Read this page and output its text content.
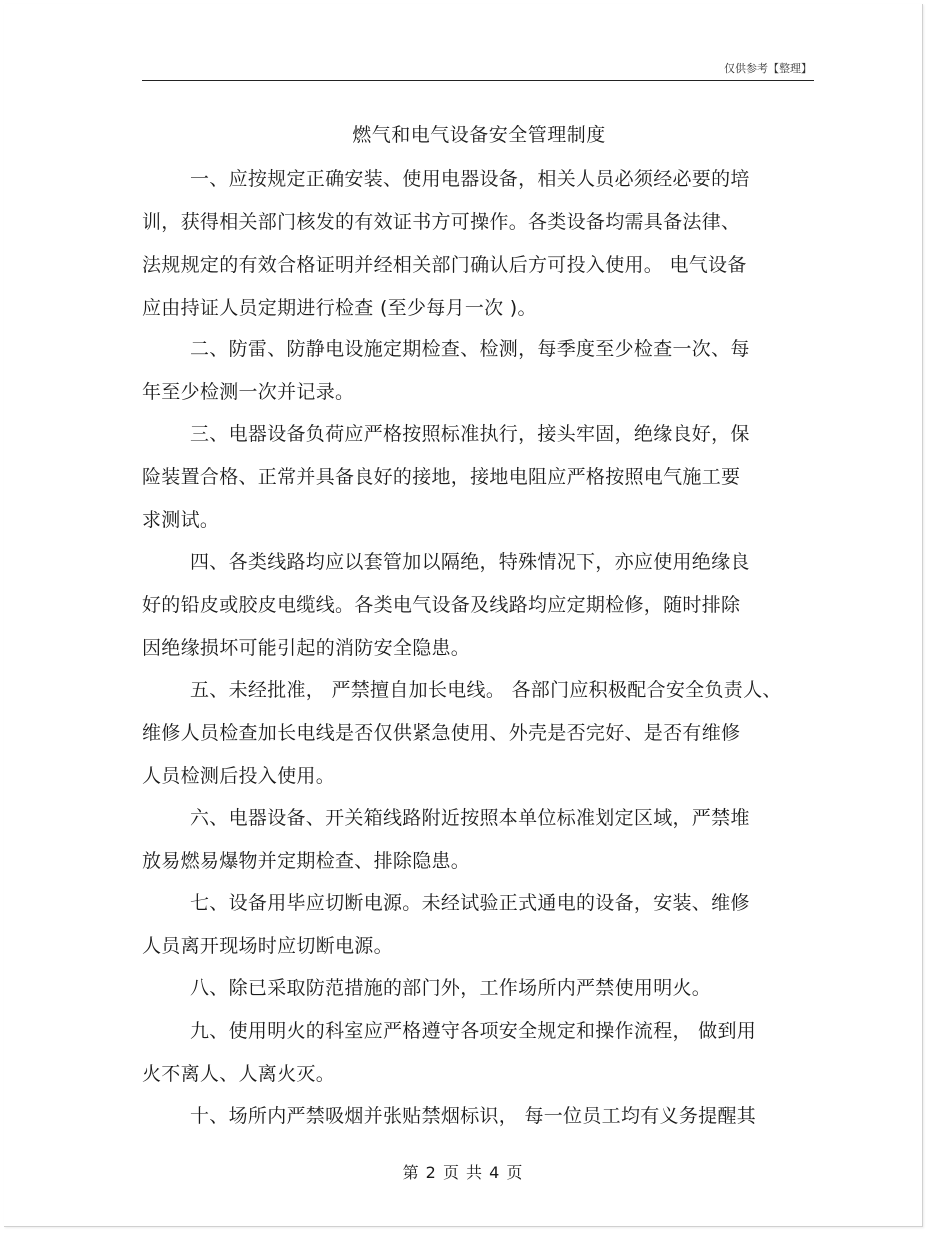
仅供参考【整理】
燃气和电气设备安全管理制度
一、应按规定正确安装、使用电器设备，相关人员必须经必要的培
训，获得相关部门核发的有效证书方可操作。各类设备均需具备法律、
法规规定的有效合格证明并经相关部门确认后方可投入使用。 电气设备
应由持证人员定期进行检查 (至少每月一次 )。
二、防雷、防静电设施定期检查、检测，每季度至少检查一次、每
年至少检测一次并记录。
三、电器设备负荷应严格按照标准执行，接头牢固，绝缘良好，保
险装置合格、正常并具备良好的接地，接地电阻应严格按照电气施工要
求测试。
四、各类线路均应以套管加以隔绝，特殊情况下，亦应使用绝缘良
好的铅皮或胶皮电缆线。各类电气设备及线路均应定期检修，随时排除
因绝缘损坏可能引起的消防安全隐患。
五、未经批准， 严禁擅自加长电线。 各部门应积极配合安全负责人、
维修人员检查加长电线是否仅供紧急使用、外壳是否完好、是否有维修
人员检测后投入使用。
六、电器设备、开关箱线路附近按照本单位标准划定区域，严禁堆
放易燃易爆物并定期检查、排除隐患。
七、设备用毕应切断电源。未经试验正式通电的设备，安装、维修
人员离开现场时应切断电源。
八、除已采取防范措施的部门外，工作场所内严禁使用明火。
九、使用明火的科室应严格遵守各项安全规定和操作流程， 做到用
火不离人、人离火灭。
十、场所内严禁吸烟并张贴禁烟标识， 每一位员工均有义务提醒其
第 2 页 共 4 页
